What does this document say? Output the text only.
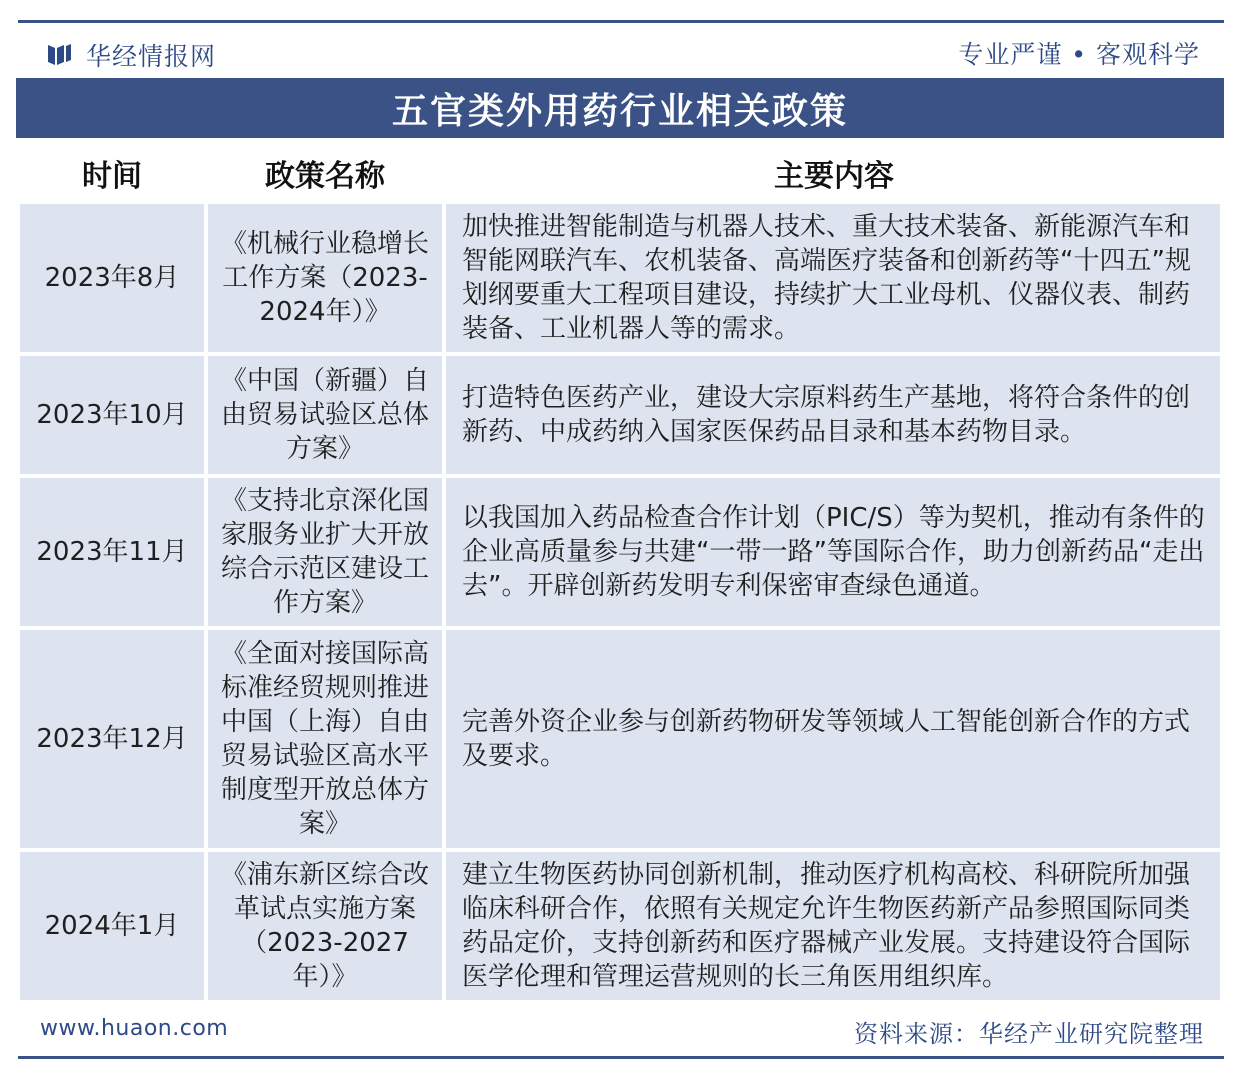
华经情报网	专业严谨 • 客观科学
五官类外用药行业相关政策
时间	政策名称	主要内容
2023年8月	《机械行业稳增长工作方案（2023-2024年）》	加快推进智能制造与机器人技术、重大技术装备、新能源汽车和智能网联汽车、农机装备、高端医疗装备和创新药等“十四五”规划纲要重大工程项目建设，持续扩大工业母机、仪器仪表、制药装备、工业机器人等的需求。
2023年10月	《中国（新疆）自由贸易试验区总体方案》	打造特色医药产业，建设大宗原料药生产基地，将符合条件的创新药、中成药纳入国家医保药品目录和基本药物目录。
2023年11月	《支持北京深化国家服务业扩大开放综合示范区建设工作方案》	以我国加入药品检查合作计划（PIC/S）等为契机，推动有条件的企业高质量参与共建“一带一路”等国际合作，助力创新药品“走出去”。开辟创新药发明专利保密审查绿色通道。
2023年12月	《全面对接国际高标准经贸规则推进中国（上海）自由贸易试验区高水平制度型开放总体方案》	完善外资企业参与创新药物研发等领域人工智能创新合作的方式及要求。
2024年1月	《浦东新区综合改革试点实施方案（2023-2027年）》	建立生物医药协同创新机制，推动医疗机构高校、科研院所加强临床科研合作，依照有关规定允许生物医药新产品参照国际同类药品定价，支持创新药和医疗器械产业发展。支持建设符合国际医学伦理和管理运营规则的长三角医用组织库。
www.huaon.com	资料来源：华经产业研究院整理
